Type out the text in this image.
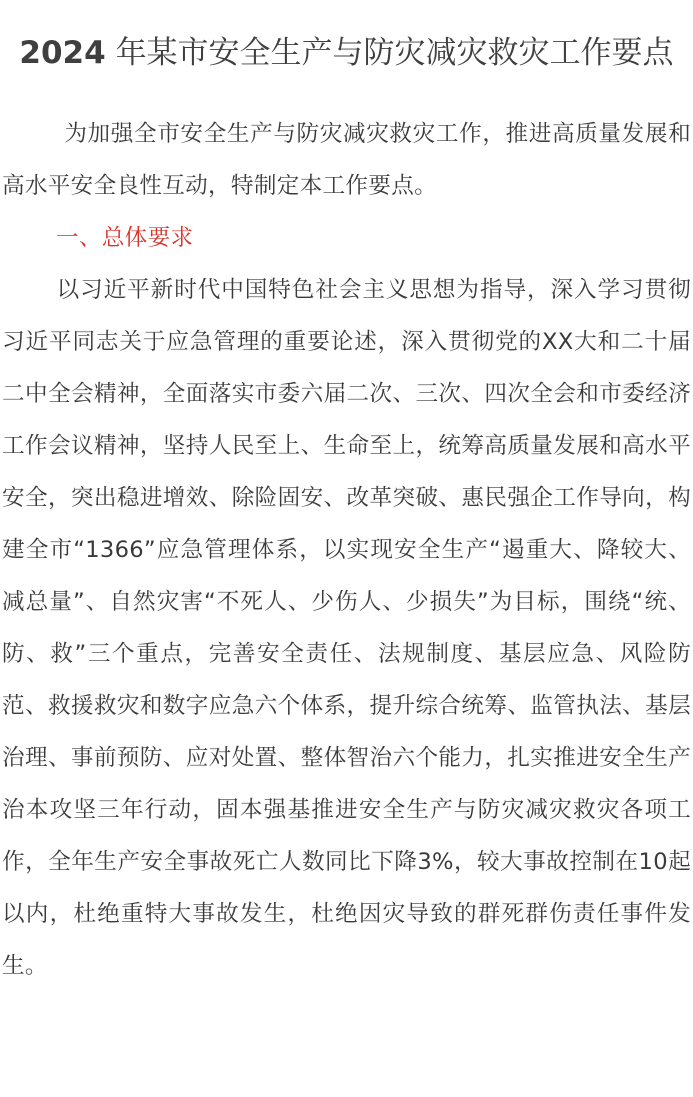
2024 年某市安全生产与防灾减灾救灾工作要点

为加强全市安全生产与防灾减灾救灾工作，推进高质量发展和高水平安全良性互动，特制定本工作要点。

一、总体要求

以习近平新时代中国特色社会主义思想为指导，深入学习贯彻习近平同志关于应急管理的重要论述，深入贯彻党的XX大和二十届二中全会精神，全面落实市委六届二次、三次、四次全会和市委经济工作会议精神，坚持人民至上、生命至上，统筹高质量发展和高水平安全，突出稳进增效、除险固安、改革突破、惠民强企工作导向，构建全市“1366”应急管理体系，以实现安全生产“遏重大、降较大、减总量”、自然灾害“不死人、少伤人、少损失”为目标，围绕“统、防、救”三个重点，完善安全责任、法规制度、基层应急、风险防范、救援救灾和数字应急六个体系，提升综合统筹、监管执法、基层治理、事前预防、应对处置、整体智治六个能力，扎实推进安全生产治本攻坚三年行动，固本强基推进安全生产与防灾减灾救灾各项工作，全年生产安全事故死亡人数同比下降3%，较大事故控制在10起以内，杜绝重特大事故发生，杜绝因灾导致的群死群伤责任事件发生。
